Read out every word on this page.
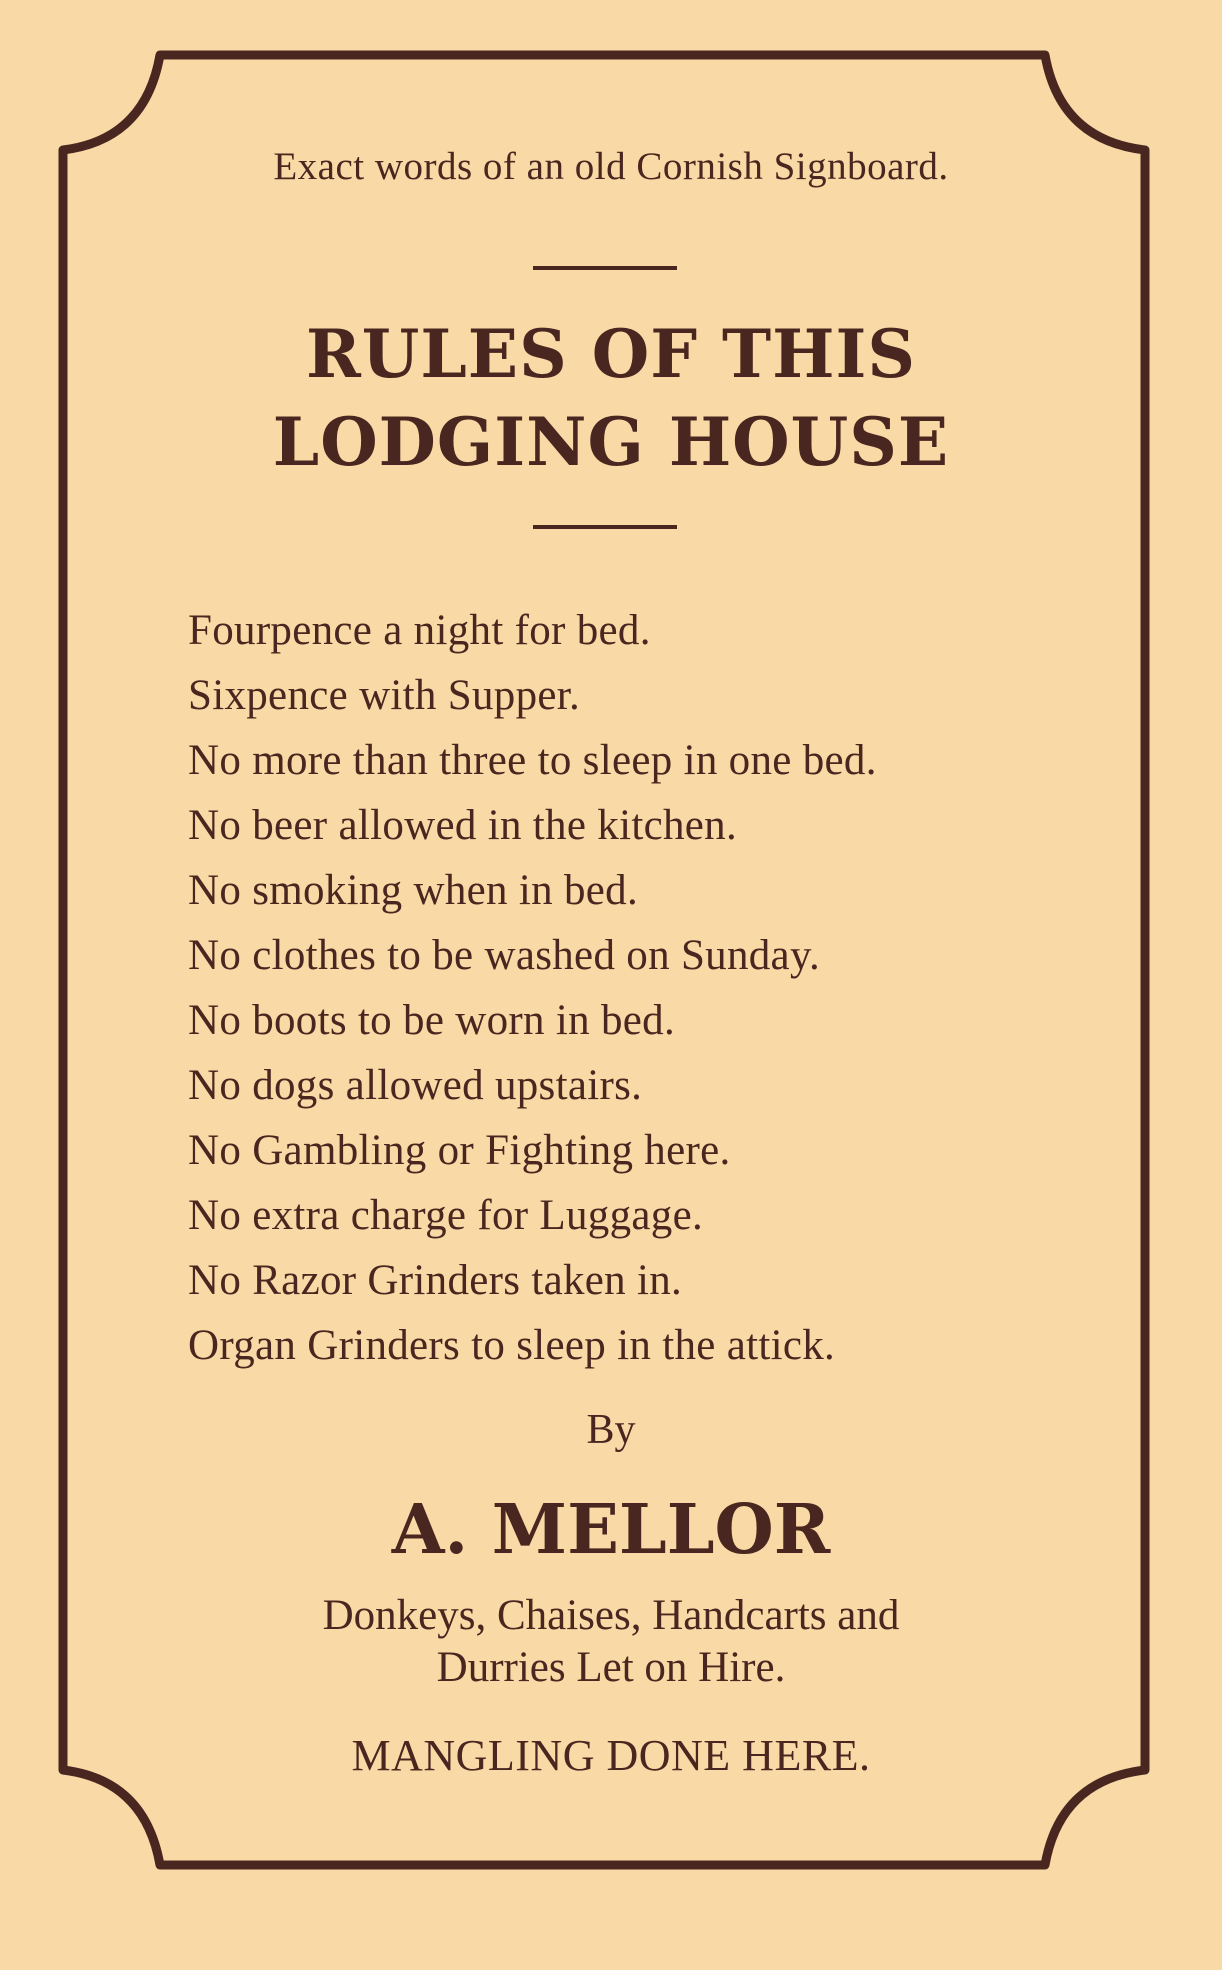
Exact words of an old Cornish Signboard.
RULES OF THIS
LODGING HOUSE
Fourpence a night for bed.
Sixpence with Supper.
No more than three to sleep in one bed.
No beer allowed in the kitchen.
No smoking when in bed.
No clothes to be washed on Sunday.
No boots to be worn in bed.
No dogs allowed upstairs.
No Gambling or Fighting here.
No extra charge for Luggage.
No Razor Grinders taken in.
Organ Grinders to sleep in the attick.
By
A. MELLOR
Donkeys, Chaises, Handcarts and
Durries Let on Hire.
MANGLING DONE HERE.
